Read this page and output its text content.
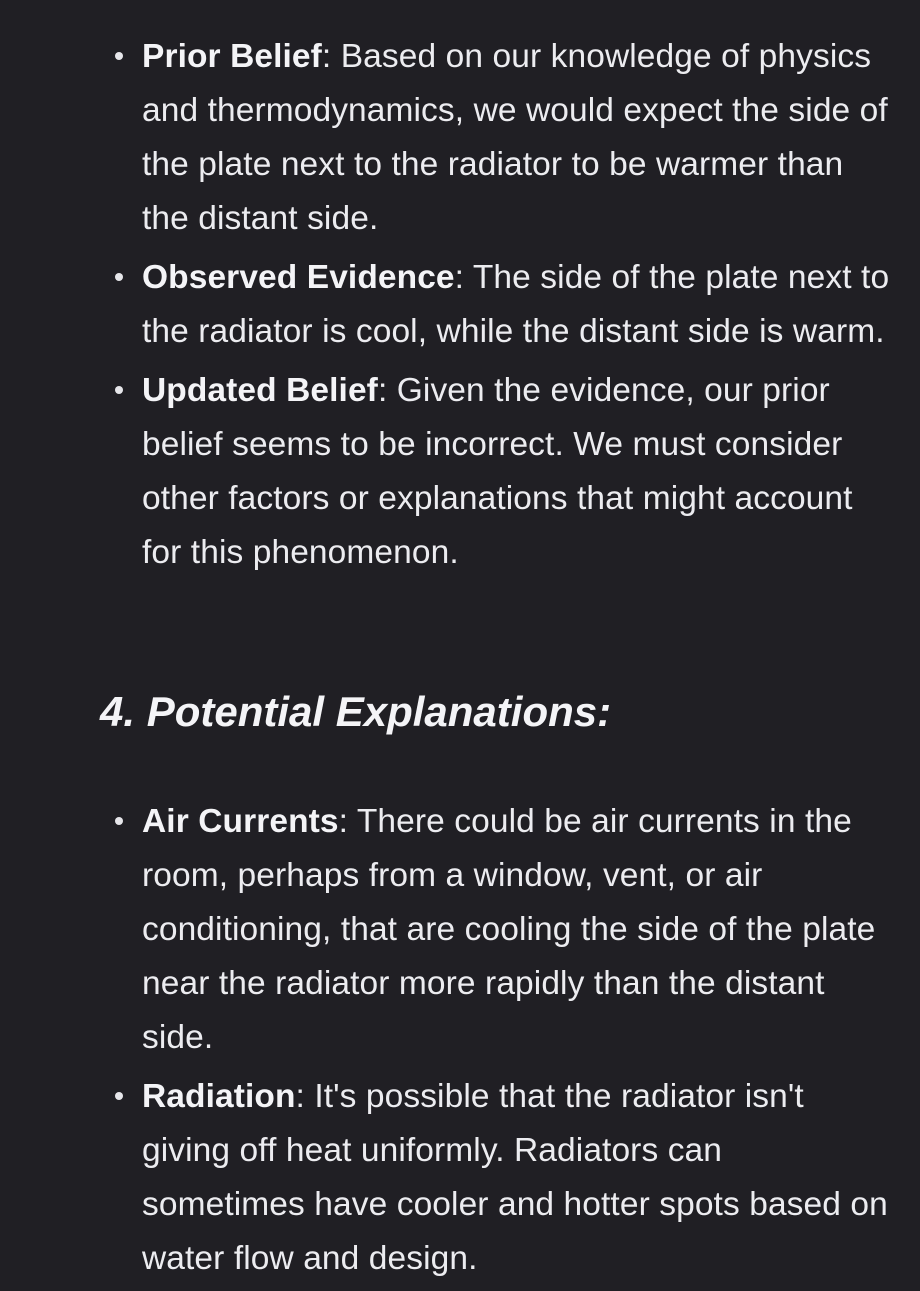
Prior Belief: Based on our knowledge of physics and thermodynamics, we would expect the side of the plate next to the radiator to be warmer than the distant side.
Observed Evidence: The side of the plate next to the radiator is cool, while the distant side is warm.
Updated Belief: Given the evidence, our prior belief seems to be incorrect. We must consider other factors or explanations that might account for this phenomenon.
4. Potential Explanations:
Air Currents: There could be air currents in the room, perhaps from a window, vent, or air conditioning, that are cooling the side of the plate near the radiator more rapidly than the distant side.
Radiation: It's possible that the radiator isn't giving off heat uniformly. Radiators can sometimes have cooler and hotter spots based on water flow and design.
